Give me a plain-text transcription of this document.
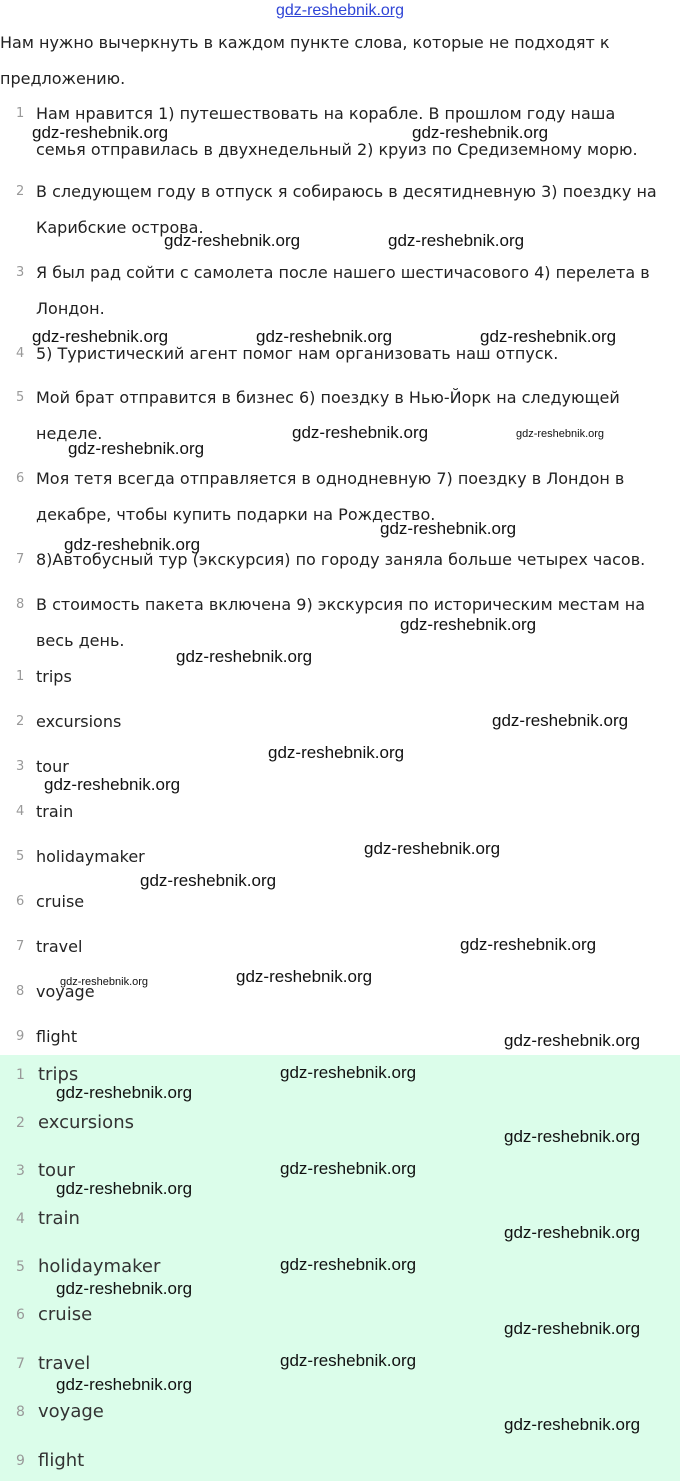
gdz-reshebnik.org
Нам нужно вычеркнуть в каждом пункте слова, которые не подходят к предложению.
1 Нам нравится 1) путешествовать на корабле. В прошлом году наша семья отправилась в двухнедельный 2) круиз по Средиземному морю.
2 В следующем году в отпуск я собираюсь в десятидневную 3) поездку на Карибские острова.
3 Я был рад сойти с самолета после нашего шестичасового 4) перелета в Лондон.
4 5) Туристический агент помог нам организовать наш отпуск.
5 Мой брат отправится в бизнес 6) поездку в Нью-Йорк на следующей неделе.
6 Моя тетя всегда отправляется в однодневную 7) поездку в Лондон в декабре, чтобы купить подарки на Рождество.
7 8)Автобусный тур (экскурсия) по городу заняла больше четырех часов.
8 В стоимость пакета включена 9) экскурсия по историческим местам на весь день.
1 trips
2 excursions
3 tour
4 train
5 holidaymaker
6 cruise
7 travel
8 voyage
9 flight
1 trips
2 excursions
3 tour
4 train
5 holidaymaker
6 cruise
7 travel
8 voyage
9 flight
gdz-reshebnik.org	gdz-reshebnik.org
gdz-reshebnik.org	gdz-reshebnik.org
gdz-reshebnik.org	gdz-reshebnik.org	gdz-reshebnik.org
gdz-reshebnik.org	gdz-reshebnik.org
gdz-reshebnik.org
gdz-reshebnik.org
gdz-reshebnik.org
gdz-reshebnik.org
gdz-reshebnik.org
gdz-reshebnik.org
gdz-reshebnik.org
gdz-reshebnik.org
gdz-reshebnik.org
gdz-reshebnik.org
gdz-reshebnik.org
gdz-reshebnik.org
gdz-reshebnik.org
gdz-reshebnik.org
gdz-reshebnik.org
gdz-reshebnik.org
gdz-reshebnik.org
gdz-reshebnik.org
gdz-reshebnik.org
gdz-reshebnik.org
gdz-reshebnik.org
gdz-reshebnik.org
gdz-reshebnik.org
gdz-reshebnik.org
gdz-reshebnik.org
gdz-reshebnik.org
